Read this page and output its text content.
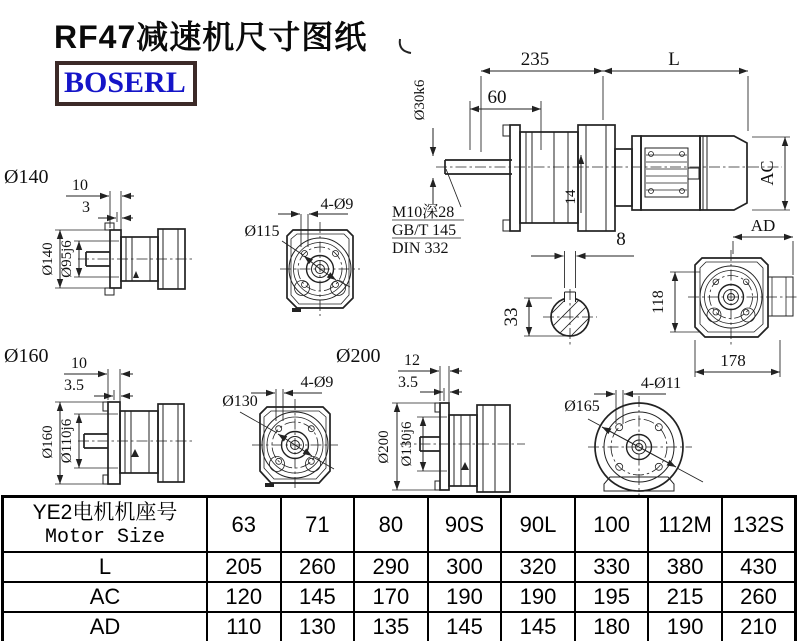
RF47减速机尺寸图纸
BOSERL
235	L
60
Ø30k6
AC
AD
14
M10深28
GB/T 145
DIN 332	8
33
118
178
Ø140
Ø140 Ø95j6
10
3	4-Ø9
Ø115
Ø160
Ø160 Ø110j6
10
3.5
Ø200
4-Ø9
Ø130
Ø200 Ø130j6
12
3.5	4-Ø11
Ø165
YE2电机机座号
Motor Size	63	71	80	90S	90L	100	112M	132S
L	205	260	290	300	320	330	380	430
AC	120	145	170	190	190	195	215	260
AD	110	130	135	145	145	180	190	210
